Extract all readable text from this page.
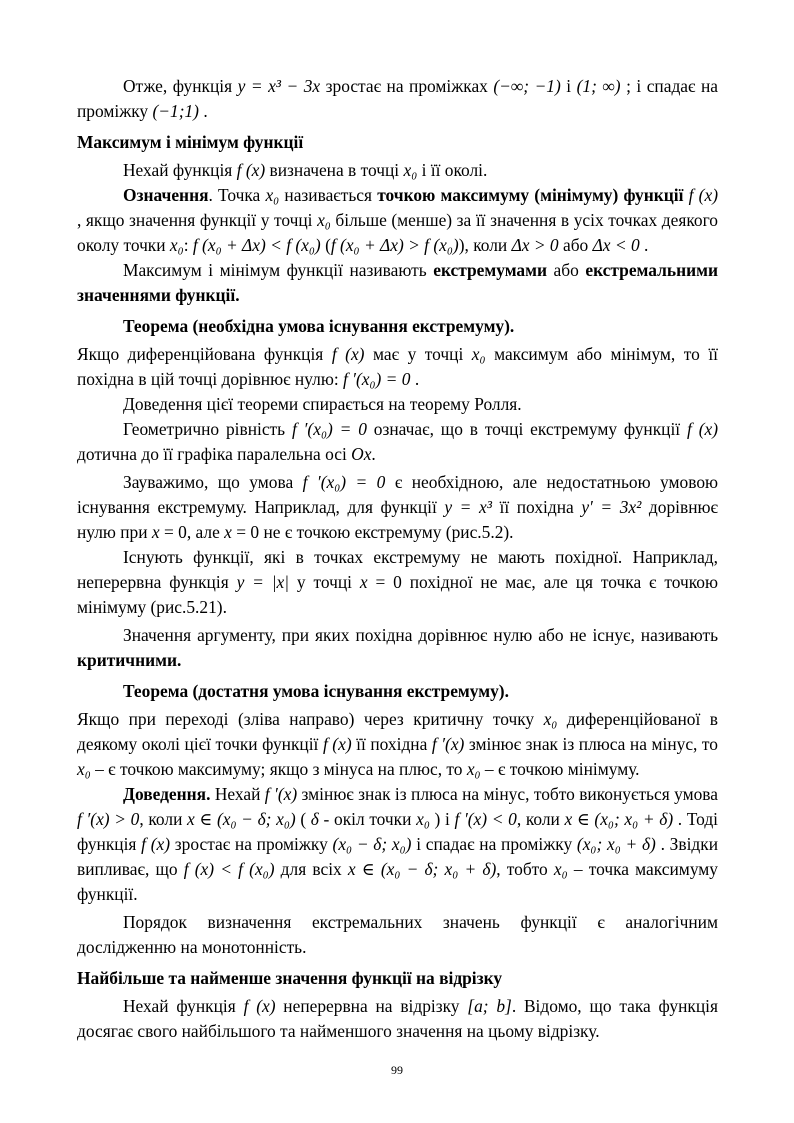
Отже, функція y = x³ − 3x зростає на проміжках (−∞; −1) і (1; ∞) ; і спадає на проміжку (−1;1) .

Максимум і мінімум функції

Нехай функція f (x) визначена в точці x₀ і її околі.

Означення. Точка x₀ називається точкою максимуму (мінімуму) функції f (x) , якщо значення функції у точці x₀ більше (менше) за її значення в усіх точках деякого околу точки x₀: f (x₀ + Δx) < f (x₀) (f (x₀ + Δx) > f (x₀)), коли Δx > 0 або Δx < 0 .

Максимум і мінімум функції називають екстремумами або екстремальними значеннями функції.

Теорема (необхідна умова існування екстремуму).

Якщо диференційована функція f (x) має у точці x₀ максимум або мінімум, то її похідна в цій точці дорівнює нулю: f ′(x₀) = 0 .

Доведення цієї теореми спирається на теорему Ролля.

Геометрично рівність f ′(x₀) = 0 означає, що в точці екстремуму функції f (x) дотична до її графіка паралельна осі Ox.

Зауважимо, що умова f ′(x₀) = 0 є необхідною, але недостатньою умовою існування екстремуму. Наприклад, для функції y = x³ її похідна y′ = 3x² дорівнює нулю при x = 0, але x = 0 не є точкою екстремуму (рис.5.2).

Існують функції, які в точках екстремуму не мають похідної. Наприклад, неперервна функція y = |x| у точці x = 0 похідної не має, але ця точка є точкою мінімуму (рис.5.21).

Значення аргументу, при яких похідна дорівнює нулю або не існує, називають критичними.

Теорема (достатня умова існування екстремуму).

Якщо при переході (зліва направо) через критичну точку x₀ диференційованої в деякому околі цієї точки функції f (x) її похідна f ′(x) змінює знак із плюса на мінус, то x₀ – є точкою максимуму; якщо з мінуса на плюс, то x₀ – є точкою мінімуму.

Доведення. Нехай f ′(x) змінює знак із плюса на мінус, тобто виконується умова f ′(x) > 0, коли x ∈ (x₀ − δ; x₀) ( δ - окіл точки x₀ ) і f ′(x) < 0, коли x ∈ (x₀; x₀ + δ) . Тоді функція f (x) зростає на проміжку (x₀ − δ; x₀) і спадає на проміжку (x₀; x₀ + δ) . Звідки випливає, що f (x) < f (x₀) для всіх x ∈ (x₀ − δ; x₀ + δ), тобто x₀ – точка максимуму функції.

Порядок визначення екстремальних значень функції є аналогічним дослідженню на монотонність.

Найбільше та найменше значення функції на відрізку

Нехай функція f (x) неперервна на відрізку [a; b]. Відомо, що така функція досягає свого найбільшого та найменшого значення на цьому відрізку.

99
